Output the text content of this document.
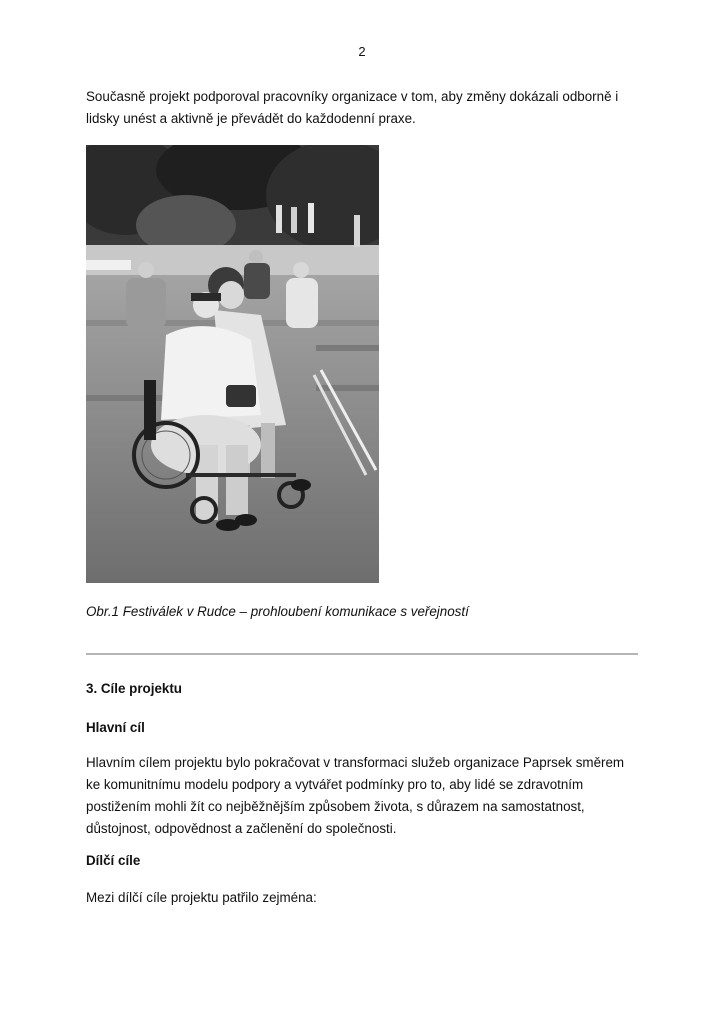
2

Současně projekt podporoval pracovníky organizace v tom, aby změny dokázali odborně i lidsky unést a aktivně je převádět do každodenní praxe.

Obr.1 Festiválek v Rudce – prohloubení komunikace s veřejností

3. Cíle projektu

Hlavní cíl

Hlavním cílem projektu bylo pokračovat v transformaci služeb organizace Paprsek směrem ke komunitnímu modelu podpory a vytvářet podmínky pro to, aby lidé se zdravotním postižením mohli žít co nejběžnějším způsobem života, s důrazem na samostatnost, důstojnost, odpovědnost a začlenění do společnosti.

Dílčí cíle

Mezi dílčí cíle projektu patřilo zejména:
